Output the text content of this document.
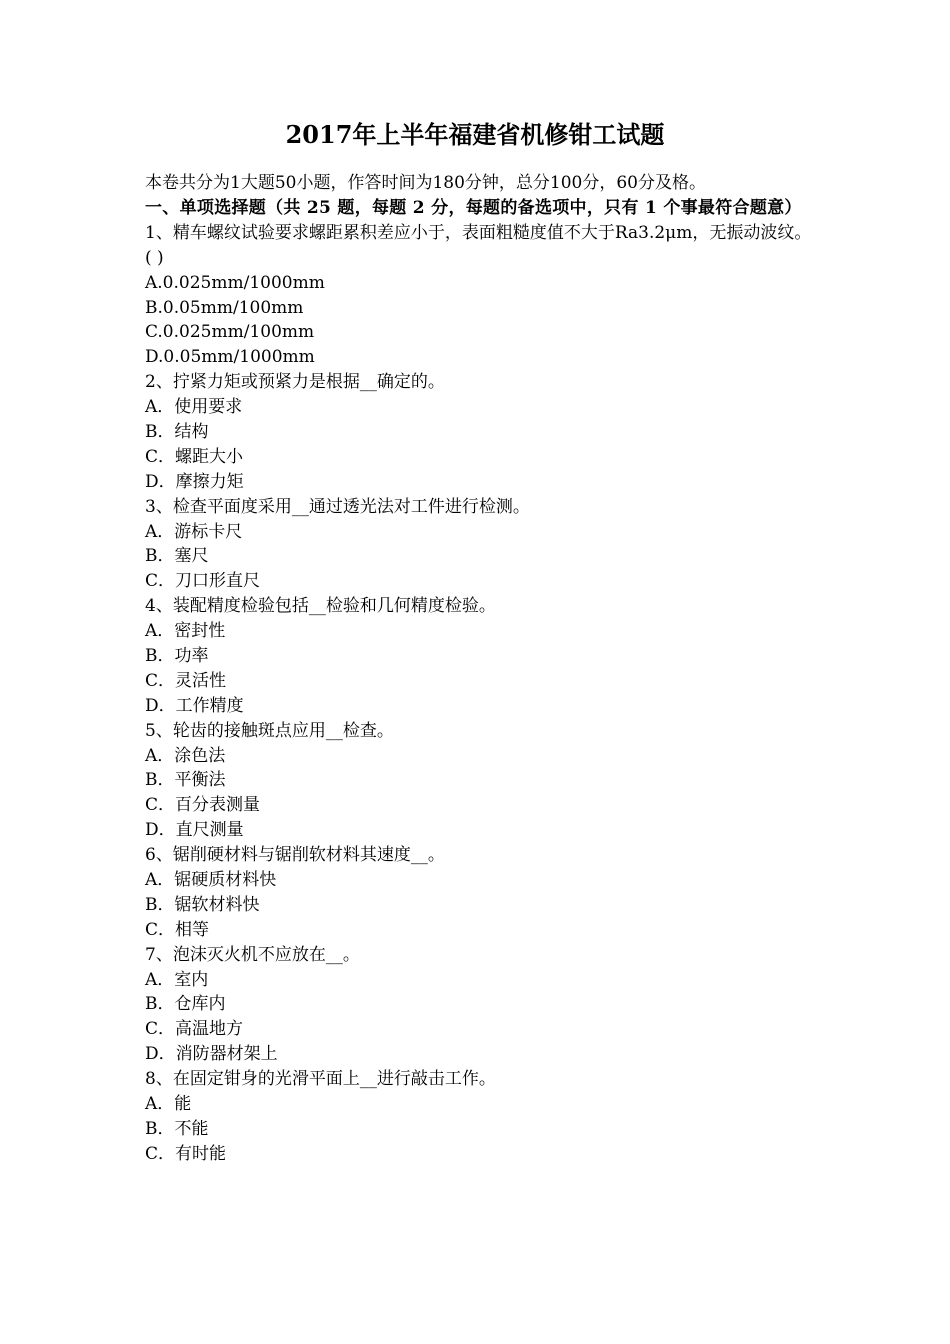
2017年上半年福建省机修钳工试题
本卷共分为1大题50小题，作答时间为180分钟，总分100分，60分及格。
一、单项选择题（共 25 题，每题 2 分，每题的备选项中，只有 1 个事最符合题意）
1、精车螺纹试验要求螺距累积差应小于，表面粗糙度值不大于Ra3.2μm，无振动波纹。( )
A.0.025mm/1000mm
B.0.05mm/100mm
C.0.025mm/100mm
D.0.05mm/1000mm
2、拧紧力矩或预紧力是根据__确定的。
A．使用要求
B．结构
C．螺距大小
D．摩擦力矩
3、检查平面度采用__通过透光法对工件进行检测。
A．游标卡尺
B．塞尺
C．刀口形直尺
4、装配精度检验包括__检验和几何精度检验。
A．密封性
B．功率
C．灵活性
D．工作精度
5、轮齿的接触斑点应用__检查。
A．涂色法
B．平衡法
C．百分表测量
D．直尺测量
6、锯削硬材料与锯削软材料其速度__。
A．锯硬质材料快
B．锯软材料快
C．相等
7、泡沫灭火机不应放在__。
A．室内
B．仓库内
C．高温地方
D．消防器材架上
8、在固定钳身的光滑平面上__进行敲击工作。
A．能
B．不能
C．有时能
